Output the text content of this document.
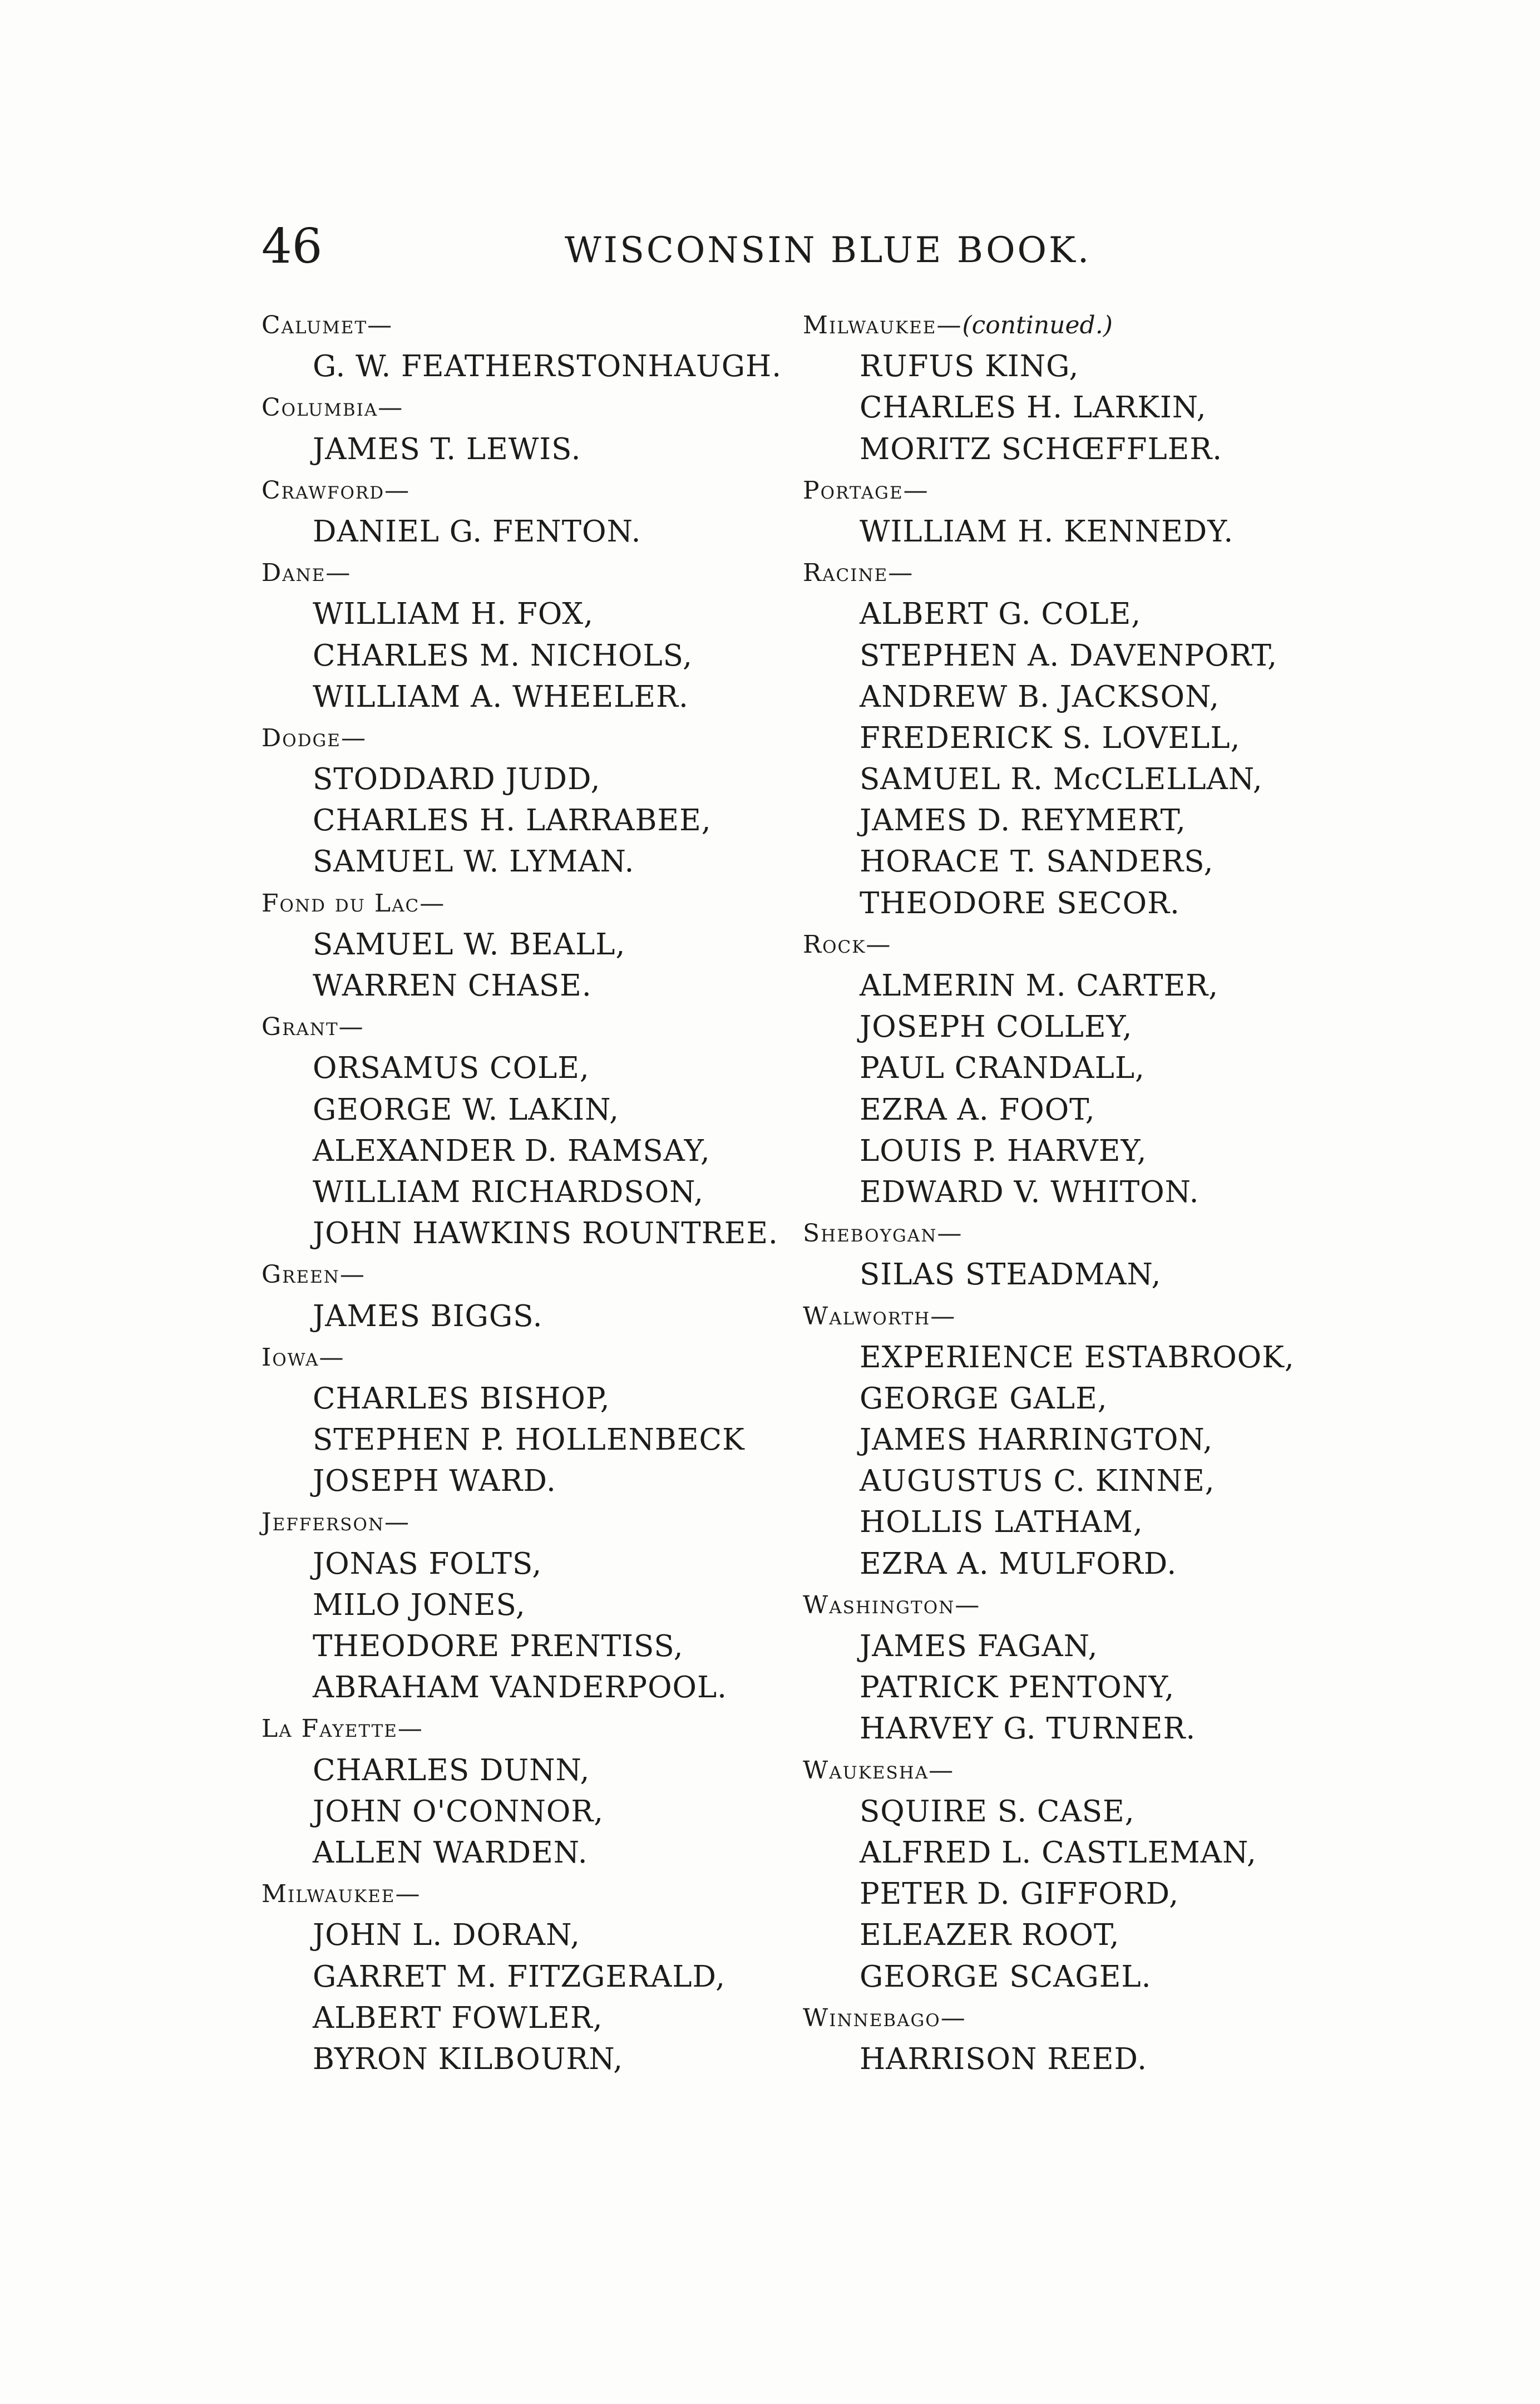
46	WISCONSIN BLUE BOOK.
Calumet—
G. W. FEATHERSTONHAUGH.
Columbia—
JAMES T. LEWIS.
Crawford—
DANIEL G. FENTON.
Dane—
WILLIAM H. FOX,
CHARLES M. NICHOLS,
WILLIAM A. WHEELER.
Dodge—
STODDARD JUDD,
CHARLES H. LARRABEE,
SAMUEL W. LYMAN.
Fond du Lac—
SAMUEL W. BEALL,
WARREN CHASE.
Grant—
ORSAMUS COLE,
GEORGE W. LAKIN,
ALEXANDER D. RAMSAY,
WILLIAM RICHARDSON,
JOHN HAWKINS ROUNTREE.
Green—
JAMES BIGGS.
Iowa—
CHARLES BISHOP,
STEPHEN P. HOLLENBECK
JOSEPH WARD.
Jefferson—
JONAS FOLTS,
MILO JONES,
THEODORE PRENTISS,
ABRAHAM VANDERPOOL.
La Fayette—
CHARLES DUNN,
JOHN O'CONNOR,
ALLEN WARDEN.
Milwaukee—
JOHN L. DORAN,
GARRET M. FITZGERALD,
ALBERT FOWLER,
BYRON KILBOURN,
Milwaukee—(continued.)
RUFUS KING,
CHARLES H. LARKIN,
MORITZ SCHŒFFLER.
Portage—
WILLIAM H. KENNEDY.
Racine—
ALBERT G. COLE,
STEPHEN A. DAVENPORT,
ANDREW B. JACKSON,
FREDERICK S. LOVELL,
SAMUEL R. McCLELLAN,
JAMES D. REYMERT,
HORACE T. SANDERS,
THEODORE SECOR.
Rock—
ALMERIN M. CARTER,
JOSEPH COLLEY,
PAUL CRANDALL,
EZRA A. FOOT,
LOUIS P. HARVEY,
EDWARD V. WHITON.
Sheboygan—
SILAS STEADMAN,
Walworth—
EXPERIENCE ESTABROOK,
GEORGE GALE,
JAMES HARRINGTON,
AUGUSTUS C. KINNE,
HOLLIS LATHAM,
EZRA A. MULFORD.
Washington—
JAMES FAGAN,
PATRICK PENTONY,
HARVEY G. TURNER.
Waukesha—
SQUIRE S. CASE,
ALFRED L. CASTLEMAN,
PETER D. GIFFORD,
ELEAZER ROOT,
GEORGE SCAGEL.
Winnebago—
HARRISON REED.
